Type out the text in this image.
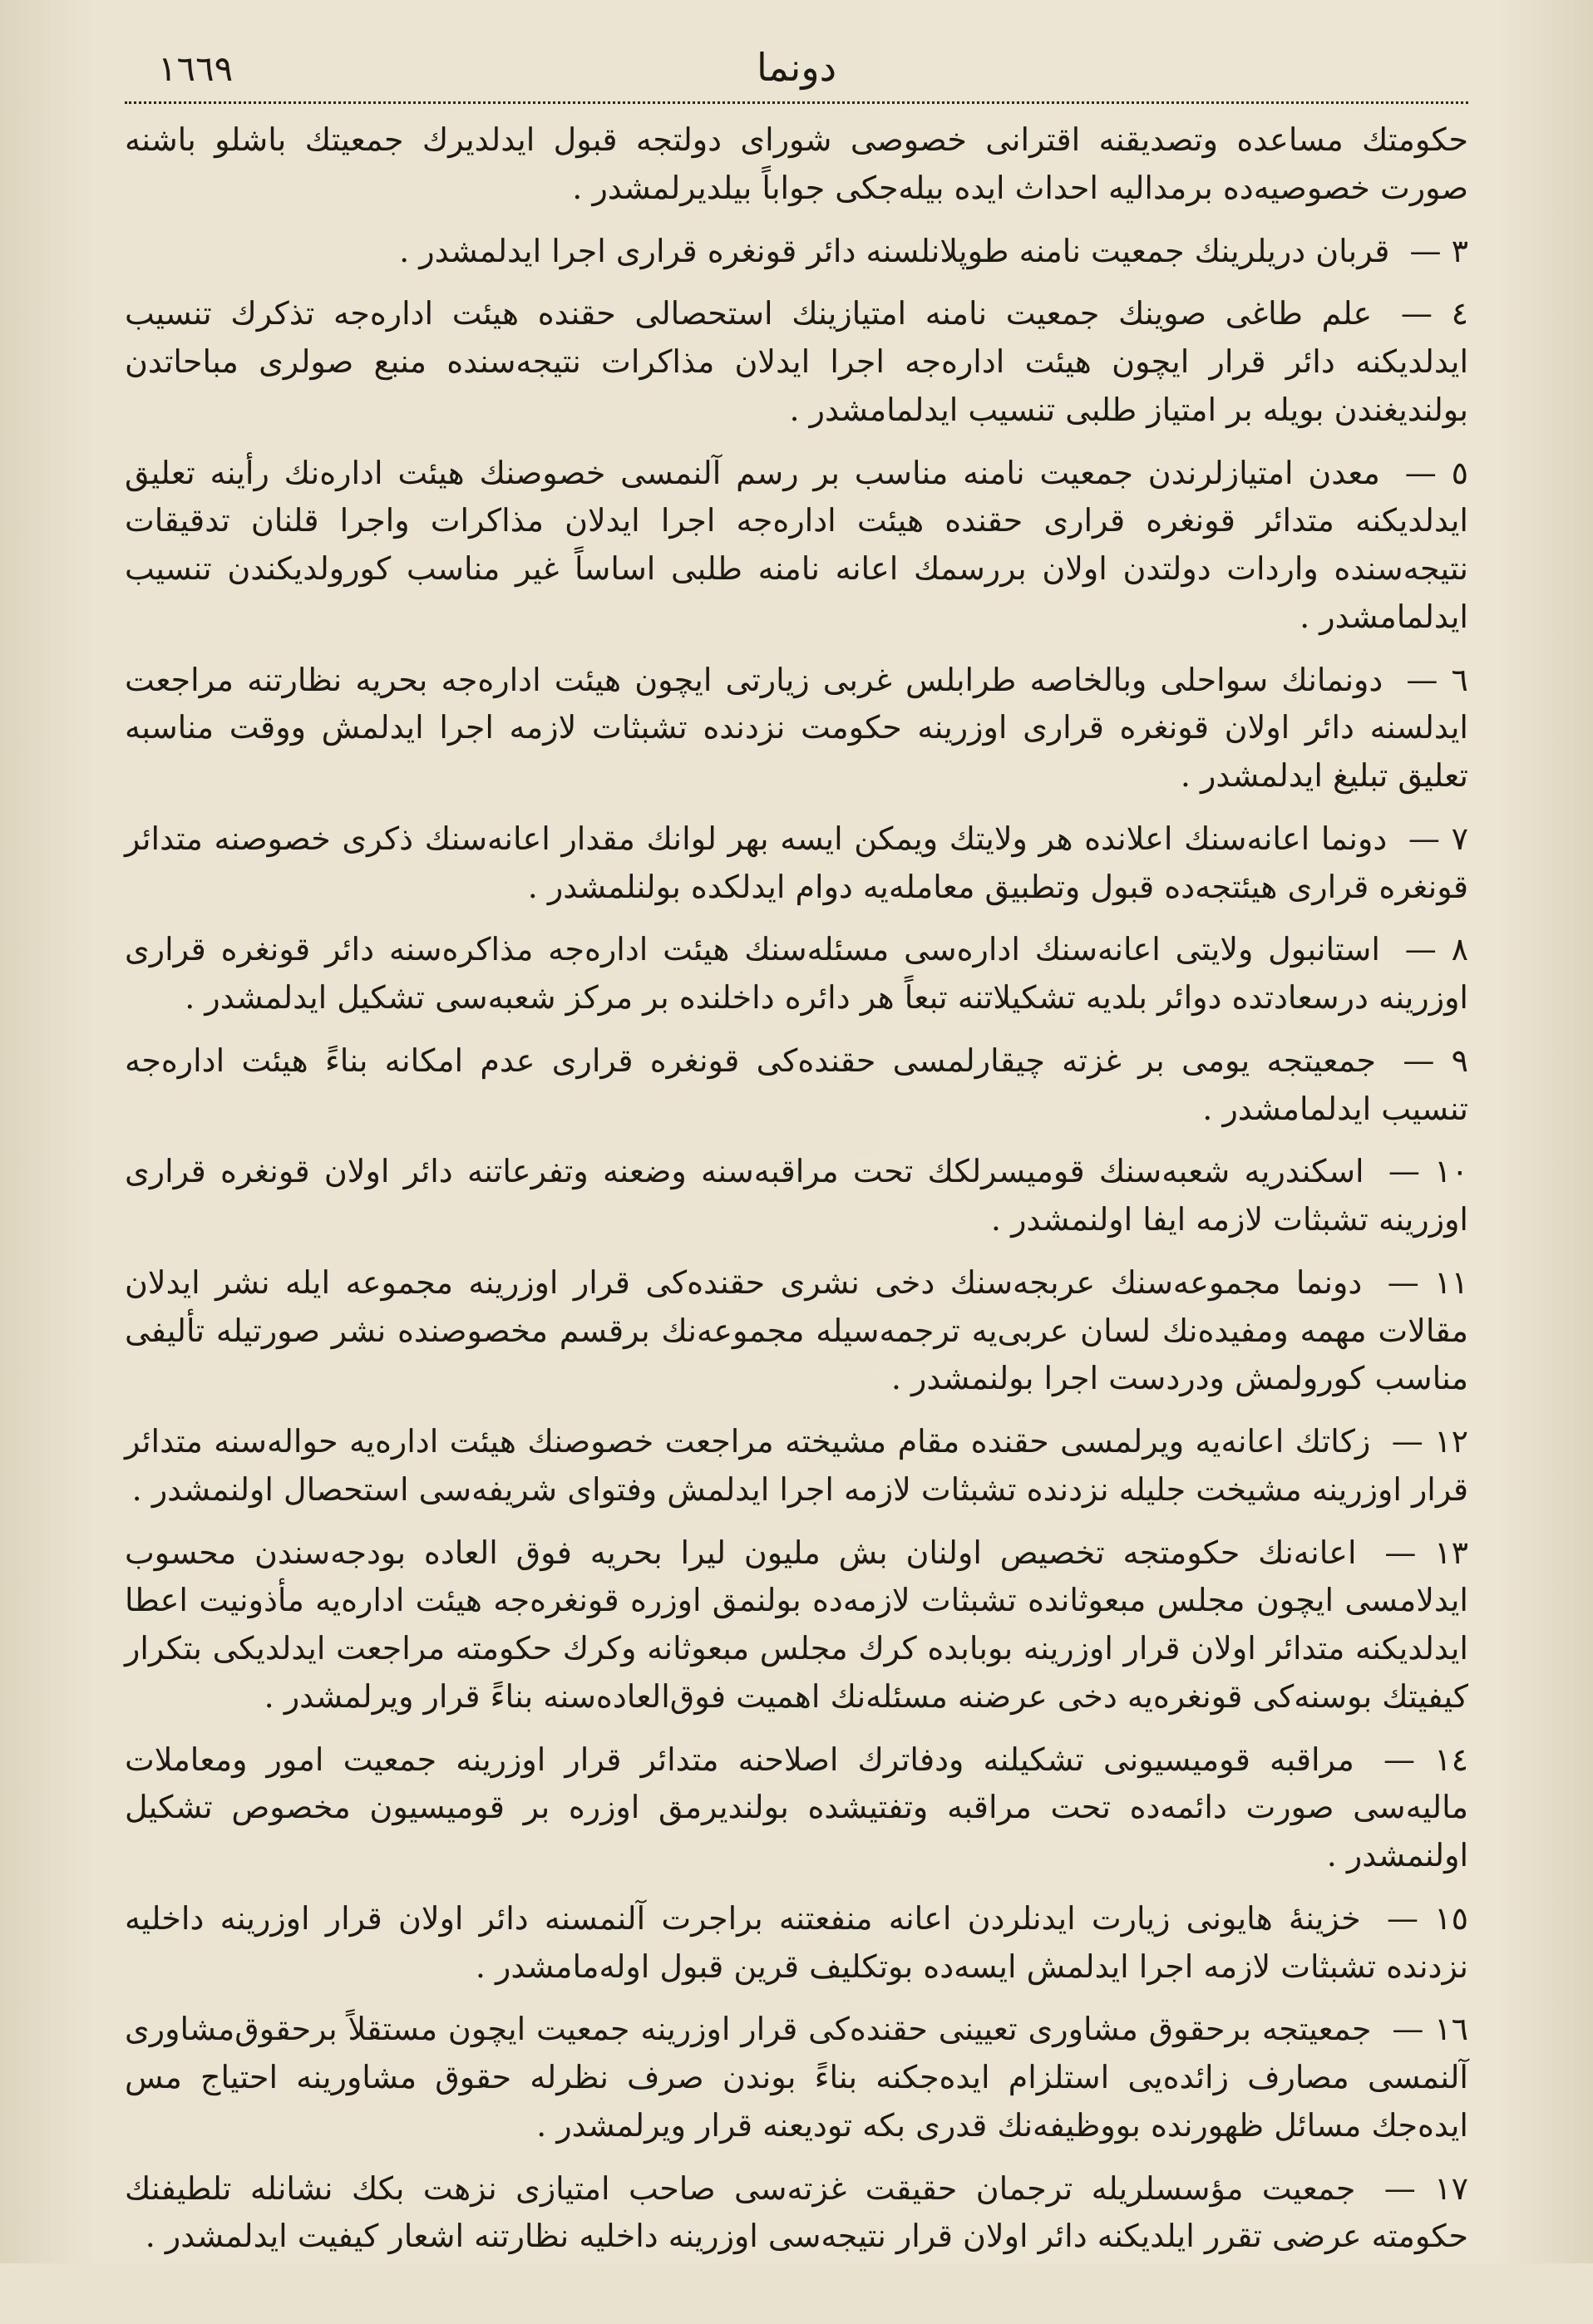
١٦٦٩	دونما

حكومتك مساعده وتصديقنه اقترانی خصوصی شورای دولتجه قبول ايدلديرك جمعيتك باشلو باشنه صورت خصوصيه‌ده برمداليه احداث ايده بيله‌جكی جواباً بيلديرلمشدر .

٣ — قربان دريلرينك جمعيت نامنه طوپلانلسنه دائر قونغره قراری اجرا ايدلمشدر .

٤ — علم طاغی صوينك جمعيت نامنه امتيازينك استحصالی حقنده هيئت اداره‌جه تذكرك تنسيب ايدلديكنه دائر قرار ايچون هيئت اداره‌جه اجرا ايدلان مذاكرات نتيجه‌سنده منبع صولری مباحاتدن بولنديغندن بويله بر امتياز طلبی تنسيب ايدلمامشدر .

٥ — معدن امتيازلرندن جمعيت نامنه مناسب بر رسم آلنمسی خصوصنك هيئت اداره‌نك رأينه تعليق ايدلديكنه متدائر قونغره قراری حقنده هيئت اداره‌جه اجرا ايدلان مذاكرات واجرا قلنان تدقيقات نتيجه‌سنده واردات دولتدن اولان بررسمك اعانه نامنه طلبی اساساً غير مناسب كورولديكندن تنسيب ايدلمامشدر .

٦ — دونمانك سواحلی وبالخاصه طرابلس غربی زيارتی ايچون هيئت اداره‌جه بحريه نظارتنه مراجعت ايدلسنه دائر اولان قونغره قراری اوزرينه حكومت نزدنده تشبثات لازمه اجرا ايدلمش ووقت مناسبه تعليق تبليغ ايدلمشدر .

٧ — دونما اعانه‌سنك اعلانده هر ولايتك ويمكن ايسه بهر لوانك مقدار اعانه‌سنك ذكری خصوصنه متدائر قونغره قراری هيئتجه‌ده قبول وتطبيق معامله‌يه دوام ايدلكده بولنلمشدر .

٨ — استانبول ولايتی اعانه‌سنك اداره‌سی مسئله‌سنك هيئت اداره‌جه مذاكره‌سنه دائر قونغره قراری اوزرينه درسعادتده دوائر بلديه تشكيلاتنه تبعاً هر دائره داخلنده بر مركز شعبه‌سی تشكيل ايدلمشدر .

٩ — جمعيتجه يومی بر غزته چيقارلمسی حقنده‌كی قونغره قراری عدم امكانه بناءً هيئت اداره‌جه تنسيب ايدلمامشدر .

١٠ — اسكندريه شعبه‌سنك قوميسرلكك تحت مراقبه‌سنه وضعنه وتفرعاتنه دائر اولان قونغره قراری اوزرينه تشبثات لازمه ايفا اولنمشدر .

١١ — دونما مجموعه‌سنك عربجه‌سنك دخی نشری حقنده‌كی قرار اوزرينه مجموعه ايله نشر ايدلان مقالات مهمه ومفيده‌نك لسان عربی‌يه ترجمه‌سيله مجموعه‌نك برقسم مخصوصنده نشر صورتيله تأليفی مناسب كورولمش ودردست اجرا بولنمشدر .

١٢ — زكاتك اعانه‌يه ويرلمسی حقنده مقام مشيخته مراجعت خصوصنك هيئت اداره‌يه حواله‌سنه متدائر قرار اوزرينه مشيخت جليله نزدنده تشبثات لازمه اجرا ايدلمش وفتوای شريفه‌سی استحصال اولنمشدر .

١٣ — اعانه‌نك حكومتجه تخصيص اولنان بش مليون ليرا بحريه فوق العاده بودجه‌سندن محسوب ايدلامسی ايچون مجلس مبعوثانده تشبثات لازمه‌ده بولنمق اوزره قونغره‌جه هيئت اداره‌يه مأذونيت اعطا ايدلديكنه متدائر اولان قرار اوزرينه بوبابده كرك مجلس مبعوثانه وكرك حكومته مراجعت ايدلديكی بتكرار كيفيتك بوسنه‌كی قونغره‌يه دخی عرضنه مسئله‌نك اهميت فوق‌العاده‌سنه بناءً قرار ويرلمشدر .

١٤ — مراقبه قوميسيونی تشكيلنه ودفاترك اصلاحنه متدائر قرار اوزرينه جمعيت امور ومعاملات ماليه‌سی صورت دائمه‌ده تحت مراقبه وتفتيشده بولنديرمق اوزره بر قوميسيون مخصوص تشكيل اولنمشدر .

١٥ — خزينهٔ هايونی زيارت ايدنلردن اعانه منفعتنه براجرت آلنمسنه دائر اولان قرار اوزرينه داخليه نزدنده تشبثات لازمه اجرا ايدلمش ايسه‌ده بوتكليف قرين قبول اوله‌مامشدر .

١٦ — جمعيتجه برحقوق مشاوری تعيينی حقنده‌كی قرار اوزرينه جمعيت ايچون مستقلاً برحقوق‌مشاوری آلنمسی مصارف زائده‌يی استلزام ايده‌جكنه بناءً بوندن صرف نظرله حقوق مشاورينه احتياج مس ايده‌جك مسائل ظهورنده بووظيفه‌نك قدری بكه توديعنه قرار ويرلمشدر .

١٧ — جمعيت مؤسسلريله ترجمان حقيقت غزته‌سی صاحب امتيازی نزهت بكك نشانله تلطيفنك حكومته عرضی تقرر ايلديكنه دائر اولان قرار نتيجه‌سی اوزرينه داخليه نظارتنه اشعار كيفيت ايدلمشدر .
